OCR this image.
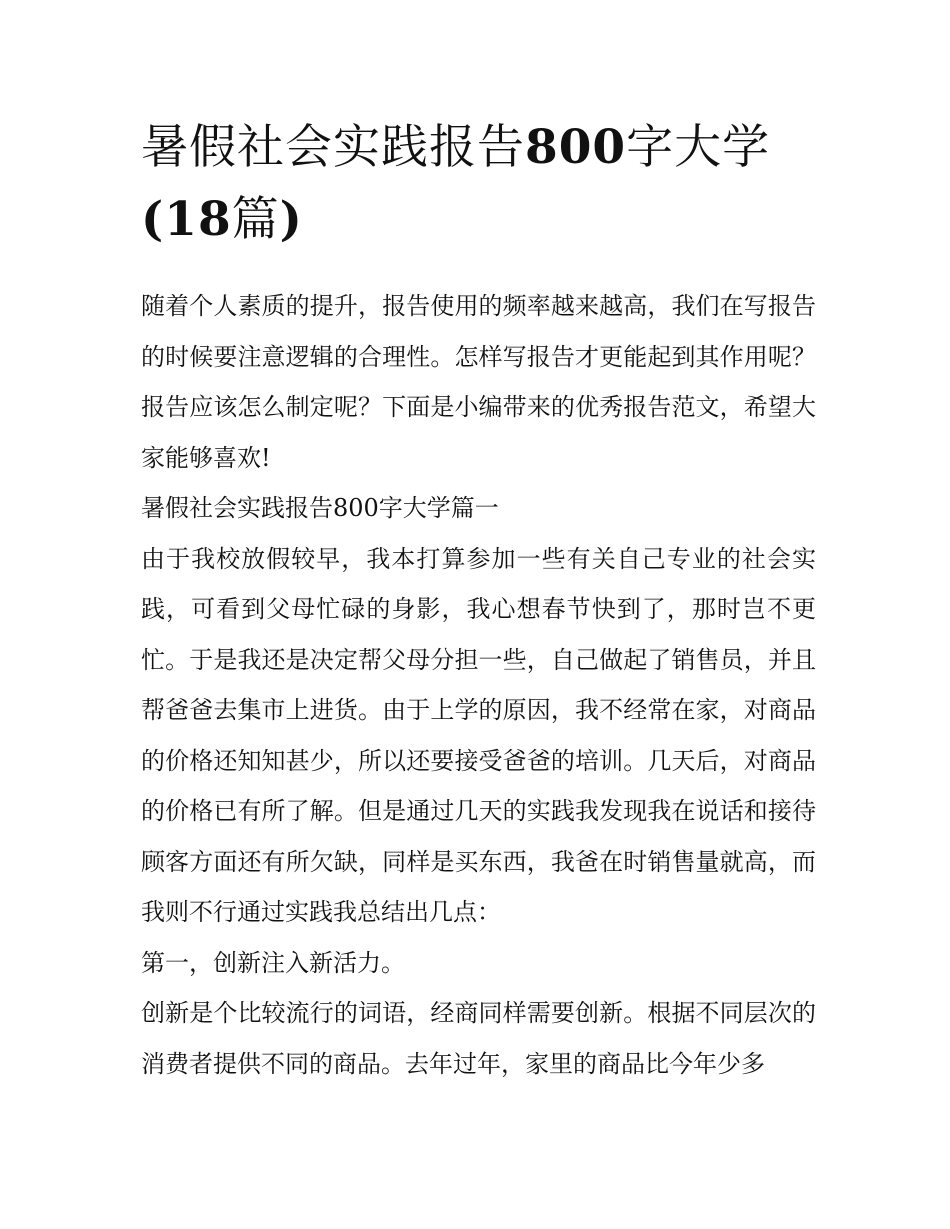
暑假社会实践报告800字大学(18篇)

随着个人素质的提升，报告使用的频率越来越高，我们在写报告的时候要注意逻辑的合理性。怎样写报告才更能起到其作用呢？报告应该怎么制定呢？下面是小编带来的优秀报告范文，希望大家能够喜欢!

暑假社会实践报告800字大学篇一

由于我校放假较早，我本打算参加一些有关自己专业的社会实践，可看到父母忙碌的身影，我心想春节快到了，那时岂不更忙。于是我还是决定帮父母分担一些，自己做起了销售员，并且帮爸爸去集市上进货。由于上学的原因，我不经常在家，对商品的价格还知知甚少，所以还要接受爸爸的培训。几天后，对商品的价格已有所了解。但是通过几天的实践我发现我在说话和接待顾客方面还有所欠缺，同样是买东西，我爸在时销售量就高，而我则不行通过实践我总结出几点：

第一，创新注入新活力。

创新是个比较流行的词语，经商同样需要创新。根据不同层次的消费者提供不同的商品。去年过年，家里的商品比今年少多
